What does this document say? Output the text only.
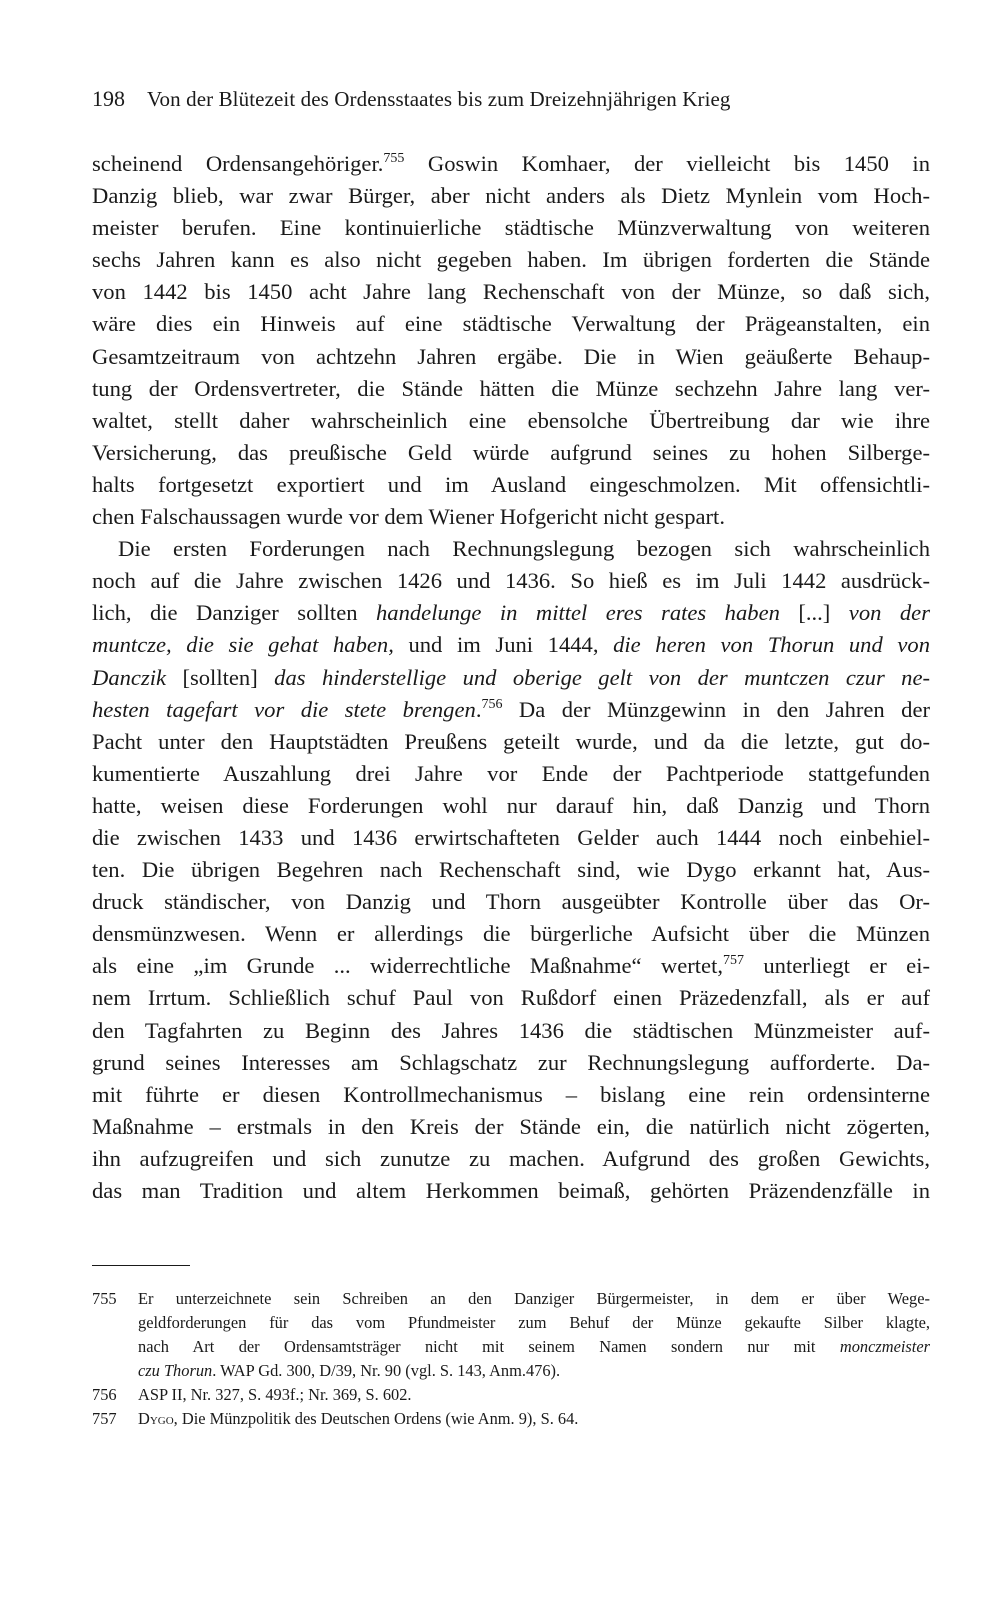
198 Von der Blütezeit des Ordensstaates bis zum Dreizehnjährigen Krieg
scheinend Ordensangehöriger.$^{755}$ Goswin Komhaer, der vielleicht bis 1450 in
Danzig blieb, war zwar Bürger, aber nicht anders als Dietz Mynlein vom Hoch-
meister berufen. Eine kontinuierliche städtische Münzverwaltung von weiteren
sechs Jahren kann es also nicht gegeben haben. Im übrigen forderten die Stände
von 1442 bis 1450 acht Jahre lang Rechenschaft von der Münze, so daß sich,
wäre dies ein Hinweis auf eine städtische Verwaltung der Prägeanstalten, ein
Gesamtzeitraum von achtzehn Jahren ergäbe. Die in Wien geäußerte Behaup-
tung der Ordensvertreter, die Stände hätten die Münze sechzehn Jahre lang ver-
waltet, stellt daher wahrscheinlich eine ebensolche Übertreibung dar wie ihre
Versicherung, das preußische Geld würde aufgrund seines zu hohen Silberge-
halts fortgesetzt exportiert und im Ausland eingeschmolzen. Mit offensichtli-
chen Falschaussagen wurde vor dem Wiener Hofgericht nicht gespart.
Die ersten Forderungen nach Rechnungslegung bezogen sich wahrscheinlich
noch auf die Jahre zwischen 1426 und 1436. So hieß es im Juli 1442 ausdrück-
lich, die Danziger sollten handelunge in mittel eres rates haben [...] von der
muntcze, die sie gehat haben, und im Juni 1444, die heren von Thorun und von
Danczik [sollten] das hinderstellige und oberige gelt von der muntczen czur ne-
hesten tagefart vor die stete brengen.$^{756}$ Da der Münzgewinn in den Jahren der
Pacht unter den Hauptstädten Preußens geteilt wurde, und da die letzte, gut do-
kumentierte Auszahlung drei Jahre vor Ende der Pachtperiode stattgefunden
hatte, weisen diese Forderungen wohl nur darauf hin, daß Danzig und Thorn
die zwischen 1433 und 1436 erwirtschafteten Gelder auch 1444 noch einbehiel-
ten. Die übrigen Begehren nach Rechenschaft sind, wie Dygo erkannt hat, Aus-
druck ständischer, von Danzig und Thorn ausgeübter Kontrolle über das Or-
densmünzwesen. Wenn er allerdings die bürgerliche Aufsicht über die Münzen
als eine „im Grunde ... widerrechtliche Maßnahme“ wertet,$^{757}$ unterliegt er ei-
nem Irrtum. Schließlich schuf Paul von Rußdorf einen Präzedenzfall, als er auf
den Tagfahrten zu Beginn des Jahres 1436 die städtischen Münzmeister auf-
grund seines Interesses am Schlagschatz zur Rechnungslegung aufforderte. Da-
mit führte er diesen Kontrollmechanismus – bislang eine rein ordensinterne
Maßnahme – erstmals in den Kreis der Stände ein, die natürlich nicht zögerten,
ihn aufzugreifen und sich zunutze zu machen. Aufgrund des großen Gewichts,
das man Tradition und altem Herkommen beimaß, gehörten Präzendenzfälle in
755 Er unterzeichnete sein Schreiben an den Danziger Bürgermeister, in dem er über Wege-
geldforderungen für das vom Pfundmeister zum Behuf der Münze gekaufte Silber klagte,
nach Art der Ordensamtsträger nicht mit seinem Namen sondern nur mit monczmeister
czu Thorun. WAP Gd. 300, D/39, Nr. 90 (vgl. S. 143, Anm.476).
756 ASP II, Nr. 327, S. 493f.; Nr. 369, S. 602.
757 Dygo, Die Münzpolitik des Deutschen Ordens (wie Anm. 9), S. 64.
